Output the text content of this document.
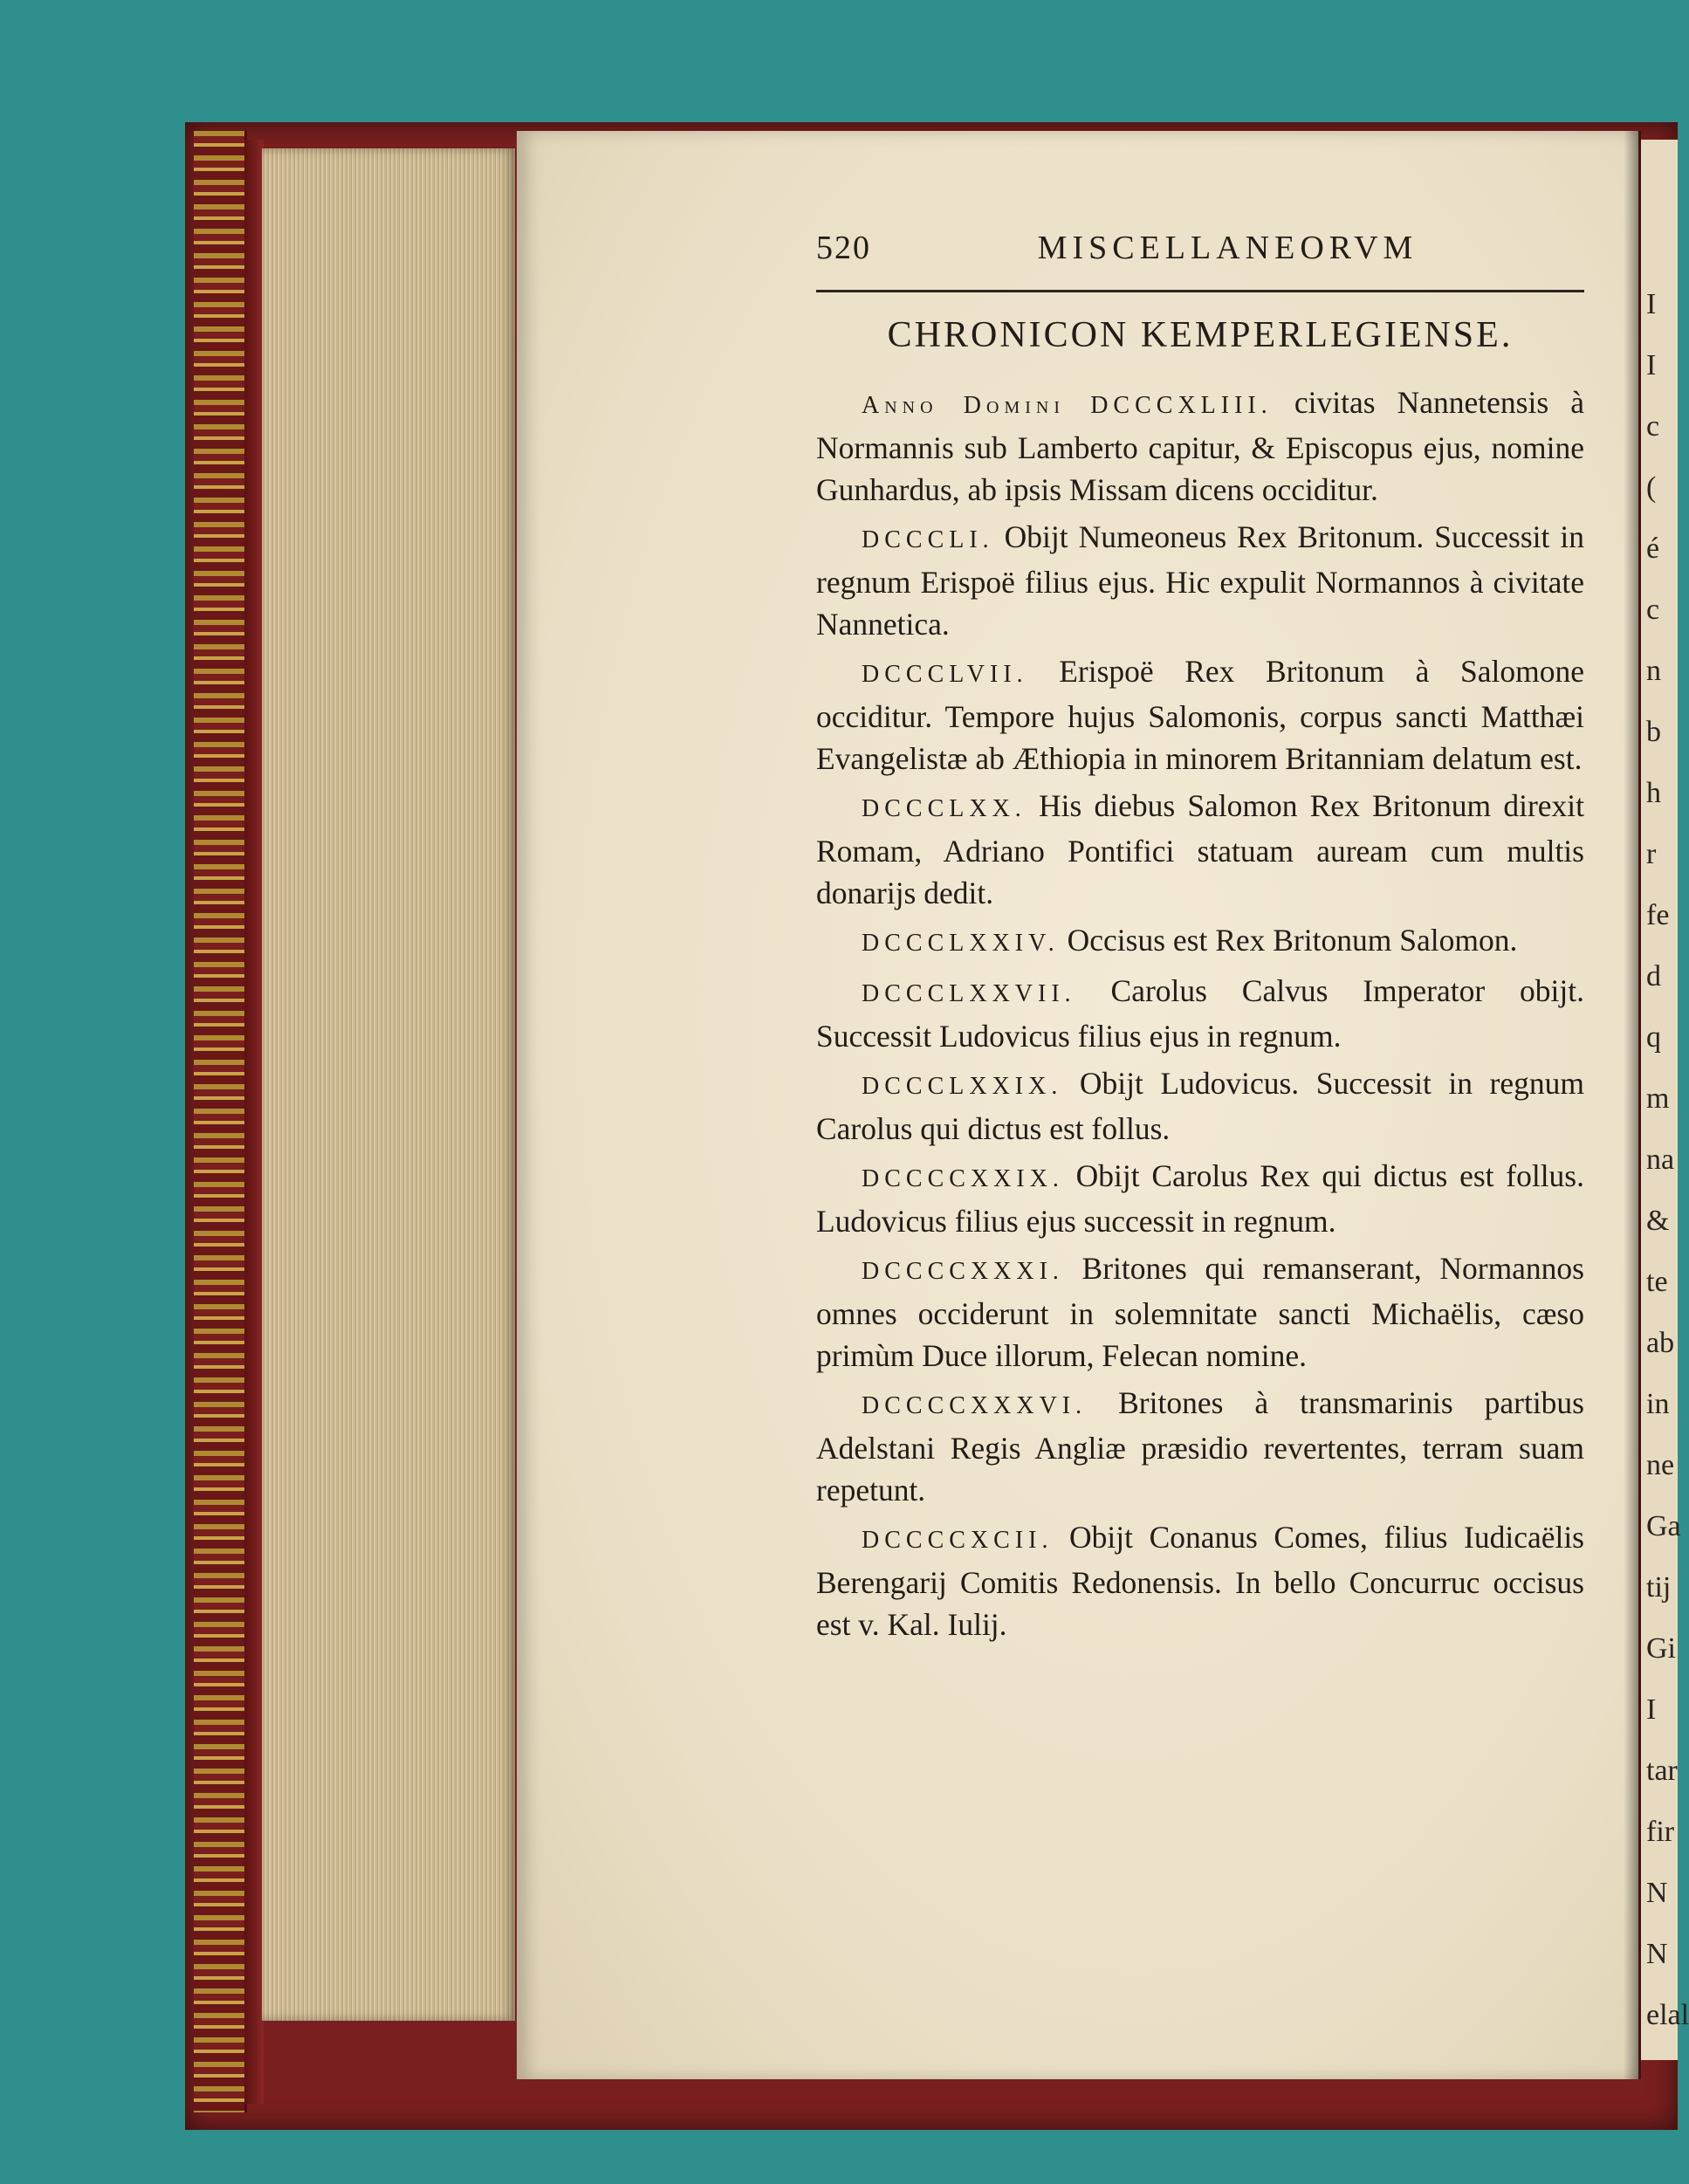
520	MISCELLANEORVM
CHRONICON KEMPERLEGIENSE.

Anno Domini DCCCXLIII. civitas Nannetensis à Normannis sub Lamberto capitur, & Episcopus ejus, nomine Gunhardus, ab ipsis Missam dicens occiditur.

DCCCLI. Obijt Numeoneus Rex Britonum. Successit in regnum Erispoë filius ejus. Hic expulit Normannos à civitate Nannetica.

DCCCLVII. Erispoë Rex Britonum à Salomone occiditur. Tempore hujus Salomonis, corpus sancti Matthæi Evangelistæ ab Æthiopia in minorem Britanniam delatum est.

DCCCLXX. His diebus Salomon Rex Britonum direxit Romam, Adriano Pontifici statuam auream cum multis donarijs dedit.

DCCCLXXIV. Occisus est Rex Britonum Salomon.

DCCCLXXVII. Carolus Calvus Imperator obijt. Successit Ludovicus filius ejus in regnum.

DCCCLXXIX. Obijt Ludovicus. Successit in regnum Carolus qui dictus est follus.

DCCCCXXIX. Obijt Carolus Rex qui dictus est follus. Ludovicus filius ejus successit in regnum.

DCCCCXXXI. Britones qui remanserant, Normannos omnes occiderunt in solemnitate sancti Michaëlis, cæso primùm Duce illorum, Felecan nomine.

DCCCCXXXVI. Britones à transmarinis partibus Adelstani Regis Angliæ præsidio revertentes, terram suam repetunt.

DCCCCXCII. Obijt Conanus Comes, filius Iudicaëlis Berengarij Comitis Redonensis. In bello Concurruc occisus est v. Kal. Iulij.

I
I
c
(
é
c
n
b
h
r
fe
d
q
m
na
&
te
ab
in
ne
Ga
tij
Gi
I
tar
fir
N
N
elal
